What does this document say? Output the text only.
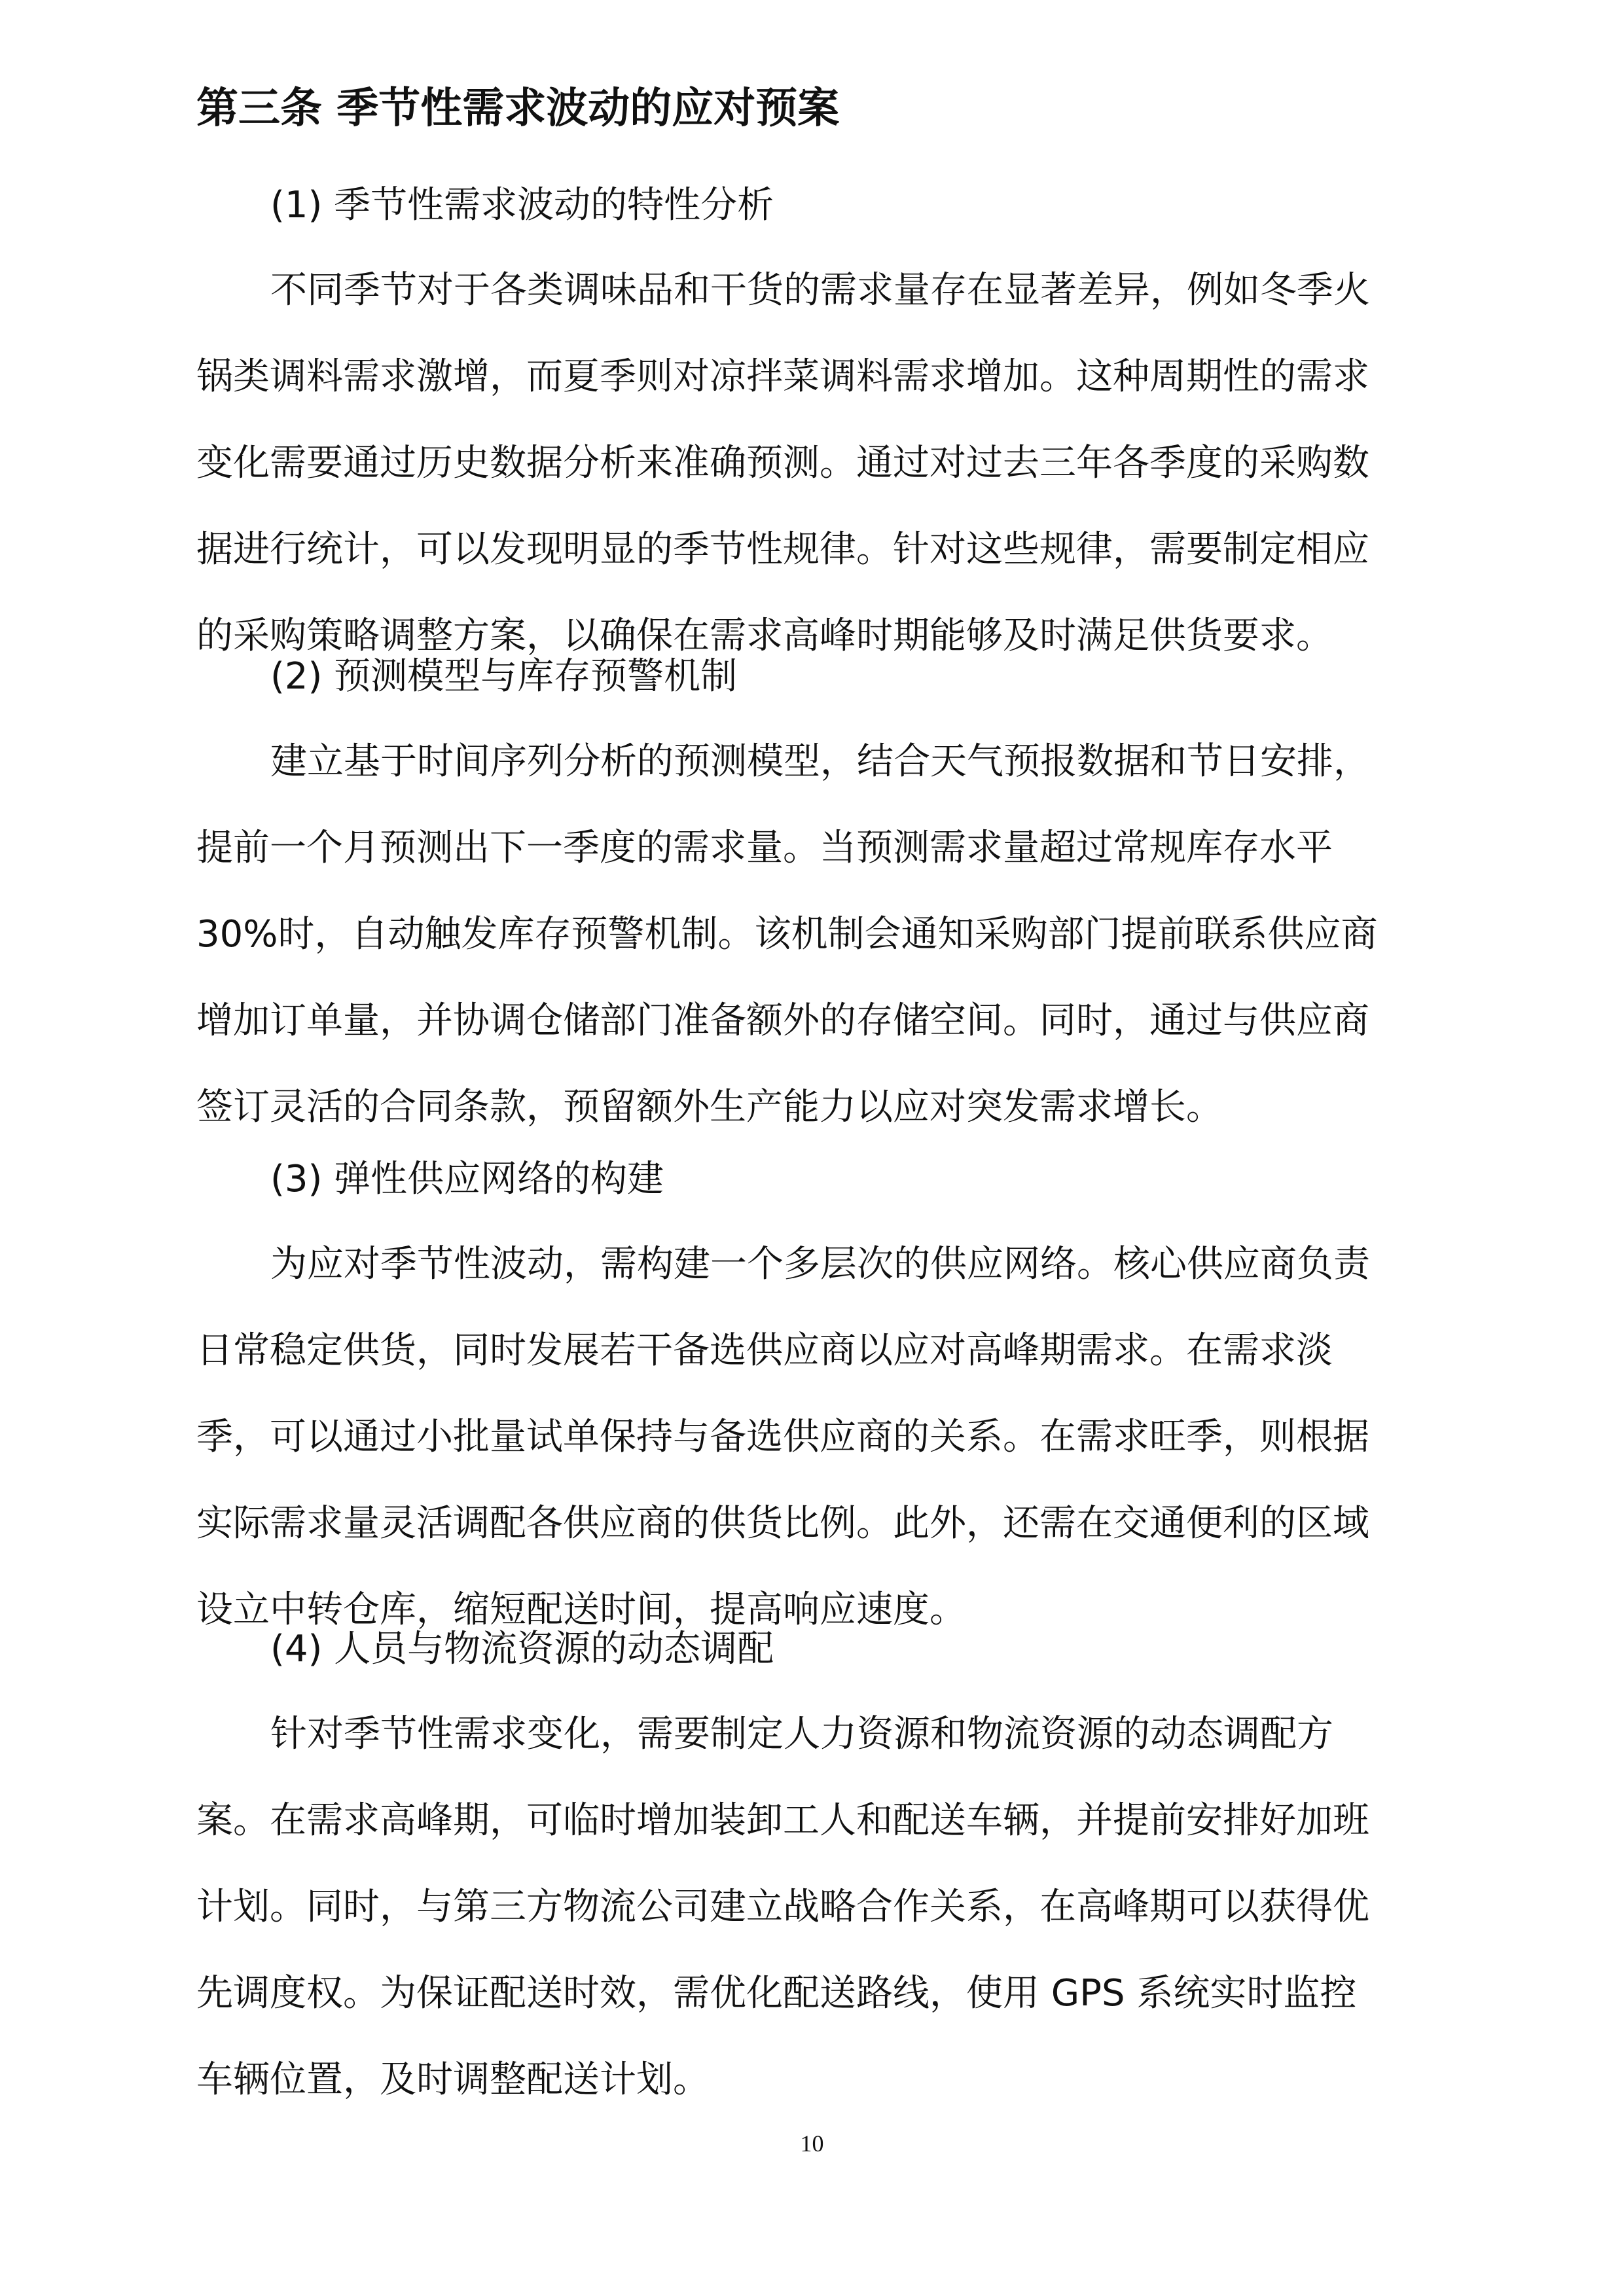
第三条 季节性需求波动的应对预案
(1) 季节性需求波动的特性分析
不同季节对于各类调味品和干货的需求量存在显著差异，例如冬季火
锅类调料需求激增，而夏季则对凉拌菜调料需求增加。这种周期性的需求
变化需要通过历史数据分析来准确预测。通过对过去三年各季度的采购数
据进行统计，可以发现明显的季节性规律。针对这些规律，需要制定相应
的采购策略调整方案，以确保在需求高峰时期能够及时满足供货要求。
(2) 预测模型与库存预警机制
建立基于时间序列分析的预测模型，结合天气预报数据和节日安排，
提前一个月预测出下一季度的需求量。当预测需求量超过常规库存水平
30%时，自动触发库存预警机制。该机制会通知采购部门提前联系供应商
增加订单量，并协调仓储部门准备额外的存储空间。同时，通过与供应商
签订灵活的合同条款，预留额外生产能力以应对突发需求增长。
(3) 弹性供应网络的构建
为应对季节性波动，需构建一个多层次的供应网络。核心供应商负责
日常稳定供货，同时发展若干备选供应商以应对高峰期需求。在需求淡
季，可以通过小批量试单保持与备选供应商的关系。在需求旺季，则根据
实际需求量灵活调配各供应商的供货比例。此外，还需在交通便利的区域
设立中转仓库，缩短配送时间，提高响应速度。
(4) 人员与物流资源的动态调配
针对季节性需求变化，需要制定人力资源和物流资源的动态调配方
案。在需求高峰期，可临时增加装卸工人和配送车辆，并提前安排好加班
计划。同时，与第三方物流公司建立战略合作关系，在高峰期可以获得优
先调度权。为保证配送时效，需优化配送路线，使用 GPS 系统实时监控
车辆位置，及时调整配送计划。
10
